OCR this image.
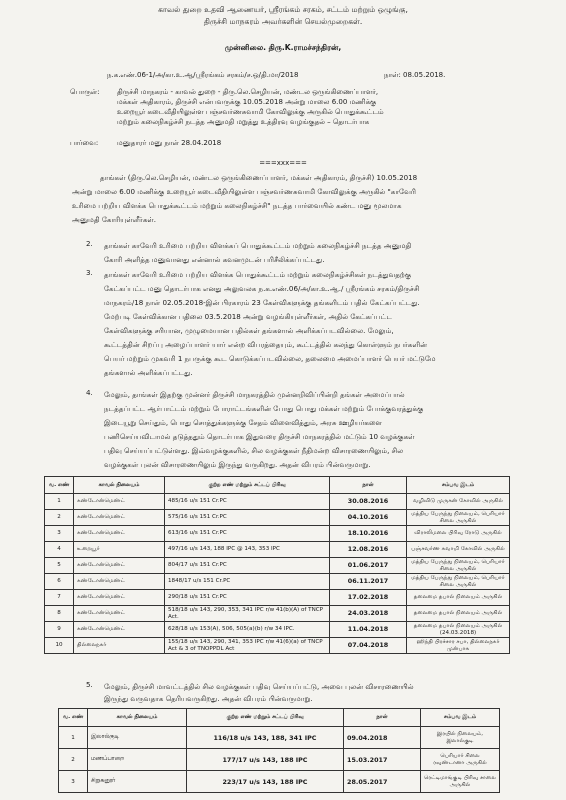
காவல் துறை உதவி ஆணையர், ஸ்ரீரங்கம் சரகம், சட்டம் மற்றும் ஒழுங்கு,
திருச்சி மாநகரம் அவர்களின் செயல்முறைகள்.
முன்னிலை. திரு.K.ராமச்சந்திரன்,
ந.க.எண்.06-1/அ/கா.உ.ஆ/ஸ்ரீரங்கம் சரகம்/ச.ஒ/தி.மா/2018	நாள்: 08.05.2018.
பொருள்:	திருச்சி மாநகரம் - காவல் துறை - திரு.லெ.செழியன், மண்டல ஒருங்கிணைப்பாளர்,
மக்கள் அதிகாரம், திருச்சி என்பவருக்கு 10.05.2018 அன்று மாலை 6.00 மணிக்கு
உறையூர் கடைவீதியிலுள்ள பஞ்சவர்ணசுவாமி கோவிலுக்கு அருகில் பொதுக்கூட்டம்
மற்றும் கலைநிகழ்ச்சி நடத்த அனுமதி மறுத்து உத்திரவு வழங்குதல் – தொடர்பாக
பார்வை:	மனுதாரர் மனு நாள் 28.04.2018
===xxx===
தாங்கள் (திரு.லெ.செழியன், மண்டல ஒருங்கிணைப்பாளர், மக்கள் அதிகாரம், திருச்சி) 10.05.2018
அன்று மாலை 6.00 மணிக்கு உறையூர் கடைவீதியிலுள்ள பஞ்சவர்ணசுவாமி கோவிலுக்கு அருகில் "காவேரி
உரிமை பற்றிய விளக்க பொதுக்கூட்டம் மற்றும் கலைநிகழ்ச்சி" நடத்த பார்வையில் கண்ட மனு மூலமாக
அனுமதி கோரியுள்ளீர்கள்.
2. தாங்கள் காவேரி உரிமை பற்றிய விளக்கப் பொதுக்கூட்டம் மற்றும் கலைநிகழ்ச்சி நடத்த அனுமதி
கோரி அளித்த மனுவானது என்னால் கவனமுடன் பரிசீலிக்கப்பட்டது.
3. தாங்கள் காவேரி உரிமை பற்றிய விளக்க பொதுக்கூட்டம் மற்றும் கலைநிகழ்ச்சிகள் நடத்துவதற்கு
கேட்கப்பட்ட மனு தொடர்பாக எனது அலுவலக ந.க.எண்.06/அ/கா.உ.ஆ./ ஸ்ரீரங்கம் சரகம்/திருச்சி
மாநகரம்/18 நாள் 02.05.2018-இன் பிரகாரம் 23 கேள்விகளுக்கு தங்களிடம் பதில் கேட்கப்பட்டது.
மேற்படி கேள்விக்கான பதிலை 03.5.2018 அன்று வழங்கியுள்ளீர்கள், அதில் கேட்கப்பட்ட
கேள்விகளுக்கு சரியான, முழுமையான பதில்கள் தங்களால் அளிக்கப்படவில்லை. மேலும்,
கூட்டத்தின் சிறப்பு அழைப்பாளர் யார் என்ற விபரத்தையும், கூட்டத்தில் கலந்து கொள்ளும் நபர்களின்
பெயர் மற்றும் முகவரி 1 நபருக்கு கூட கொடுக்கப்படவில்லை, தலைமை அமைப்பாளர் பெயர் மட்டுமே
தங்களால் அளிக்கப்பட்டது.
4. மேலும், தாங்கள் இதற்கு முன்னர் திருச்சி மாநகரத்தில் முன்னறிவிப்பின்றி தங்கள் அமைப்பால்
நடத்தப்பட்ட ஆர்பாட்டம் மற்றும் போராட்டங்களின் போது பொது மக்கள் மற்றும் போக்குவரத்துக்கு
இடையூறு செய்தும், பொது சொத்துக்களுக்கு சேதம் விளைவித்தும், அரசு ஊழியர்களை
பணிசெய்யவிடாமல் தடுத்ததும் தொடர்பாக இதுவரை திருச்சி மாநகரத்தில் மட்டும் 10 வழக்குகள்
பதிவு செய்யப்பட்டுள்ளது. இவ்வழக்குகளில், சில வழக்குகள் நீதிமன்ற விசாரணையிலும், சில
வழக்குகள் புலன் விசாரணையிலும் இருந்து வருகிறது. அதன் விபரம் பின்வருமாறு.
வ. எண்	காவல் நிலையம்	குற்ற எண் மற்றும் சட்டப் பிரிவு	நாள்	சம்பவ இடம்
1	கண்டோன்மெண்ட்	485/16 u/s 151 Cr.PC	30.08.2016	வழிவிடு முருகன் கோவில் அருகில்
2	கண்டோன்மெண்ட்	575/16 u/s 151 Cr.PC	04.10.2016	மத்திய பேருந்து நிலையம், பெரியார் சிலை அருகில்
3	கண்டோன்மெண்ட்	613/16 u/s 151 Cr.PC	18.10.2016	விராலிமலை பிரிவு ரோடு அருகில்
4	உறையூர்	497/16 u/s 143, 188 IPC @ 143, 353 IPC	12.08.2016	பஞ்சவர்ண சுவாமி கோவில் அருகில்
5	கண்டோன்மெண்ட்	804/17 u/s 151 Cr.PC	01.06.2017	மத்திய பேருந்து நிலையம், பெரியார் சிலை அருகில்
6	கண்டோன்மெண்ட்	1848/17 u/s 151 Cr.PC	06.11.2017	மத்திய பேருந்து நிலையம், பெரியார் சிலை அருகில்
7	கண்டோன்மெண்ட்	290/18 u/s 151 Cr.PC	17.02.2018	தலைமை தபால் நிலையம் அருகில்
8	கண்டோன்மெண்ட்	518/18 u/s 143, 290, 353, 341 IPC r/w 41(b)(A) of TNCP Act.	24.03.2018	தலைமை தபால் நிலையம் அருகில்
9	கண்டோன்மெண்ட்	628/18 u/s 153(A), 506, 505(a)(b) r/w 34 IPC.	11.04.2018	தலைமை தபால் நிலையம் அருகில் (24.03.2018)
10	தில்லைநகர்	155/18 u/s 143, 290, 341, 353 IPC r/w 41(6)(a) of TNCP Act & 3 of TNOPPDL Act	07.04.2018	ஹிந்தி பிரச்சார சபா, தில்லைநகர் முன்பாக
5. மேலும், திருச்சி மாவட்டத்தில் சில வழக்குகள் பதிவு செய்யப்பட்டு, அவை புலன் விசாரணையில்
இருந்து வருவதாக தெரியவருகிறது. அதன் விபரம் பின்வருமாறு.
வ. எண்	காவல் நிலையம்	குற்ற எண் மற்றும் சட்டப் பிரிவு	நாள்	சம்பவ இடம்
1	இலால்குடி	116/18 u/s 143, 188, 341 IPC	09.04.2018	இரயில் நிலையம், இலால்குடி
2	மணப்பாறை	177/17 u/s 143, 188 IPC	15.03.2017	பெரியார் சிலை ரவுண்டானா அருகில்
3	சிறுகனூர்	223/17 u/s 143, 188 IPC	28.05.2017	ரெட்டிமாங்குடி பிரிவு சாலை அருகில்
